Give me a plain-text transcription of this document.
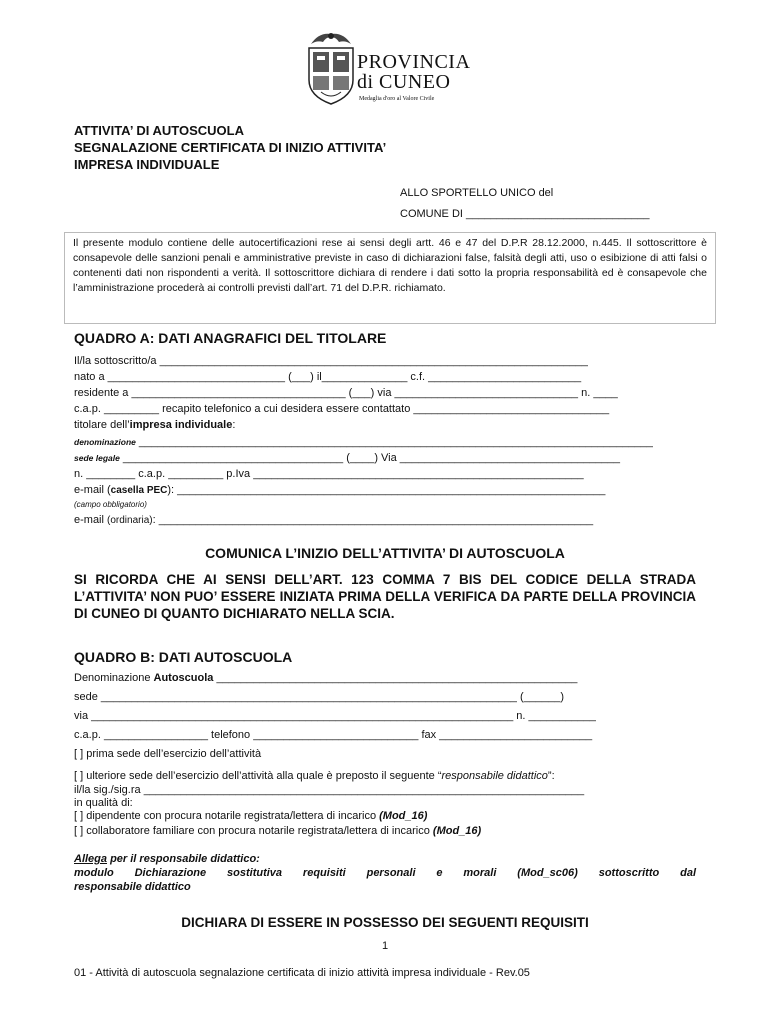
PROVINCIA
di CUNEO
Medaglia d'oro al Valore Civile
ATTIVITA’ DI AUTOSCUOLA
SEGNALAZIONE CERTIFICATA DI INIZIO ATTIVITA’
IMPRESA INDIVIDUALE
ALLO SPORTELLO UNICO del
COMUNE DI ______________________________
Il presente modulo contiene delle autocertificazioni rese ai sensi degli artt. 46 e 47 del D.P.R 28.12.2000, n.445. Il sottoscrittore è consapevole delle sanzioni penali e amministrative previste in caso di dichiarazioni false, falsità degli atti, uso o esibizione di atti falsi o contenenti dati non rispondenti a verità. Il sottoscrittore dichiara di rendere i dati sotto la propria responsabilità ed è consapevole che l’amministrazione procederà ai controlli previsti dall’art. 71 del D.P.R. richiamato.
QUADRO A: DATI ANAGRAFICI DEL TITOLARE
Il/la sottoscritto/a ______________________________________________________________________
nato a _____________________________ (___) il______________ c.f. _________________________
residente a ___________________________________ (___) via ______________________________ n. ____
c.a.p. _________ recapito telefonico a cui desidera essere contattato ________________________________
titolare dell’impresa individuale:
denominazione ____________________________________________________________________________________
sede legale ____________________________________ (____) Via ____________________________________
n. ________ c.a.p. _________ p.Iva ______________________________________________________
e-mail (casella PEC): ______________________________________________________________________
(campo obbligatorio)
e-mail (ordinaria): _______________________________________________________________________
COMUNICA L’INIZIO DELL’ATTIVITA’ DI AUTOSCUOLA
SI RICORDA CHE AI SENSI DELL’ART. 123 COMMA 7 BIS DEL CODICE DELLA STRADA L’ATTIVITA’ NON PUO’ ESSERE INIZIATA PRIMA DELLA VERIFICA DA PARTE DELLA PROVINCIA DI CUNEO DI QUANTO DICHIARATO NELLA SCIA.
QUADRO B: DATI AUTOSCUOLA
Denominazione Autoscuola ___________________________________________________________
sede ____________________________________________________________________ (______)
via _____________________________________________________________________ n. ___________
c.a.p. _________________ telefono ___________________________ fax _________________________
[ ] prima sede dell’esercizio dell’attività
[ ] ulteriore sede dell’esercizio dell’attività alla quale è preposto il seguente “responsabile didattico”:
il/la sig./sig.ra ________________________________________________________________________
in qualità di:
[ ] dipendente con procura notarile registrata/lettera di incarico (Mod_16)
[ ] collaboratore familiare con procura notarile registrata/lettera di incarico (Mod_16)
Allega per il responsabile didattico:
modulo Dichiarazione sostitutiva requisiti personali e morali (Mod_sc06) sottoscritto dal
responsabile didattico
DICHIARA DI ESSERE IN POSSESSO DEI SEGUENTI REQUISITI
1
01 - Attività di autoscuola segnalazione certificata di inizio attività impresa individuale - Rev.05
